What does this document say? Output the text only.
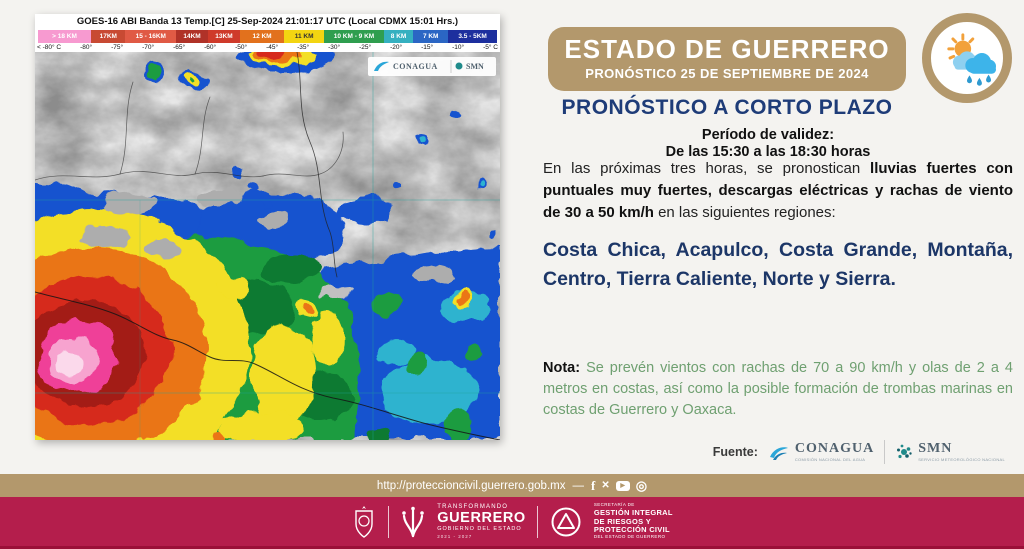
GOES-16 ABI Banda 13 Temp.[C] 25-Sep-2024 21:01:17 UTC (Local CDMX 15:01 Hrs.)
> 18 KM	17KM	15 - 16KM	14KM 13KM	12 KM	11 KM	10 KM - 9 KM	8 KM	7 KM	3.5 - 5KM
< -80° C	-80°	-75°	-70°	-65°	-60°	-50°	-45°	-35°	-30°	-25°	-20°	-15°	-10°	-5° C
CONAGUA	SMN
ESTADO DE GUERRERO
PRONÓSTICO 25 DE SEPTIEMBRE DE 2024
PRONÓSTICO A CORTO PLAZO
Período de validez:
De las 15:30 a las 18:30 horas

En las próximas tres horas, se pronostican lluvias fuertes con puntuales muy fuertes, descargas eléctricas y rachas de viento de 30 a 50 km/h en las siguientes regiones:

Costa Chica, Acapulco, Costa Grande, Montaña, Centro, Tierra Caliente, Norte y Sierra.

Nota: Se prevén vientos con rachas de 70 a 90 km/h y olas de 2 a 4 metros en costas, así como la posible formación de trombas marinas en costas de Guerrero y Oaxaca.

Fuente:	CONAGUA
COMISIÓN NACIONAL DEL AGUA
SMN
SERVICIO METEOROLÓGICO NACIONAL
http://proteccioncivil.guerrero.gob.mx — f ✕	▶ ◎
TRANSFORMANDO
GUERRERO
GOBIERNO DEL ESTADO
2021 - 2027
SECRETARÍA DE
GESTIÓN INTEGRAL
DE RIESGOS Y
PROTECCIÓN CIVIL
DEL ESTADO DE GUERRERO
